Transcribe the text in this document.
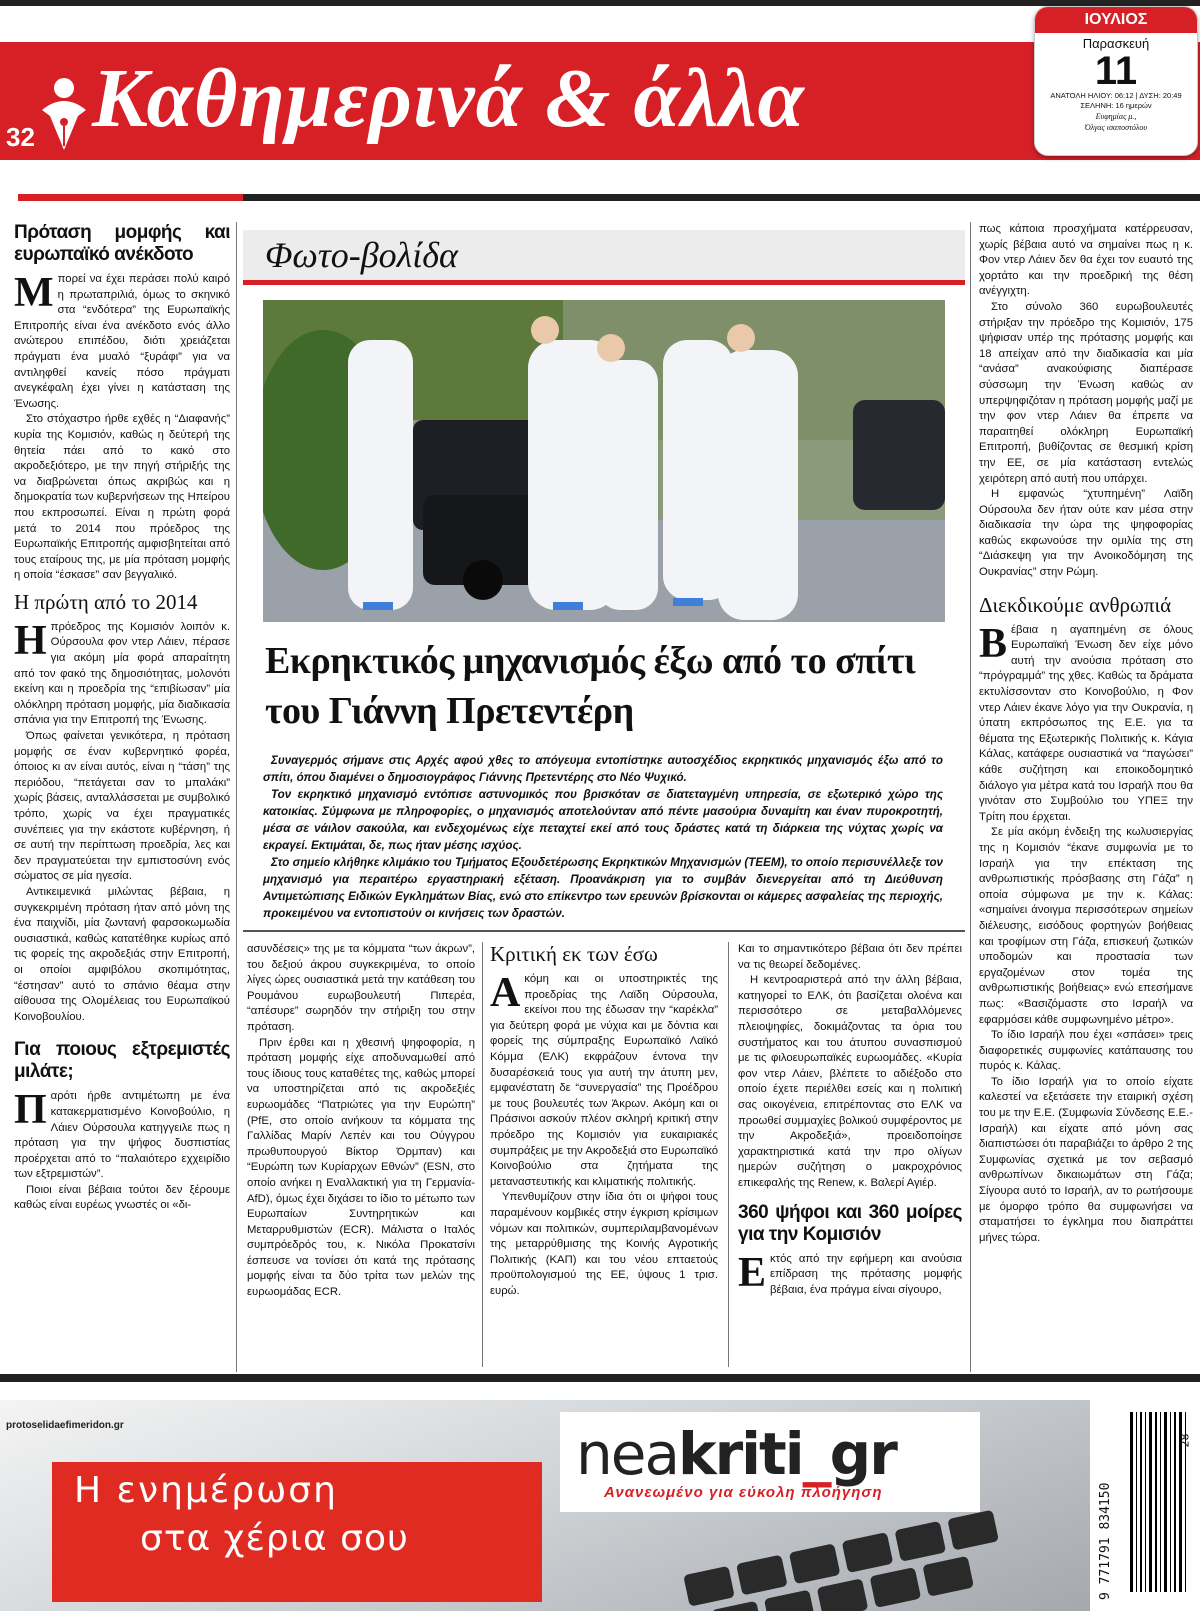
32 Καθημερινά & άλλα
ΙΟΥΛΙΟΣ
Παρασκευή
11
ΑΝΑΤΟΛΗ ΗΛΙΟΥ: 06:12 | ΔΥΣΗ: 20:49
ΣΕΛΗΝΗ: 16 ημερών
Ευφημίας μ.,
Όλγας ισαποστόλου
Πρόταση μομφής και ευρωπαϊκό ανέκδοτο

Μπορεί να έχει περάσει πολύ καιρό η πρωταπριλιά, όμως το σκηνικό στα “ενδότερα” της Ευρωπαϊκής Επιτροπής είναι ένα ανέκδοτο ενός άλλο ανώτερου επιπέδου, διότι χρειάζεται πράγματι ένα μυαλό “ξυράφι” για να αντιληφθεί κανείς πόσο πράγματι ανεγκέφαλη έχει γίνει η κατάσταση της Ένωσης.

Στο στόχαστρο ήρθε εχθές η “Διαφανής” κυρία της Κομισιόν, καθώς η δεύτερή της θητεία πάει από το κακό στο ακροδεξιότερο, με την πηγή στήριξής της να διαβρώνεται όπως ακριβώς και η δημοκρατία των κυβερνήσεων της Ηπείρου που εκπροσωπεί. Είναι η πρώτη φορά μετά το 2014 που πρόεδρος της Ευρωπαϊκής Επιτροπής αμφισβητείται από τους εταίρους της, με μία πρόταση μομφής η οποία “έσκασε” σαν βεγγαλικό.

Η πρώτη από το 2014

Ηπρόεδρος της Κομισιόν λοιπόν κ. Ούρσουλα φον ντερ Λάιεν, πέρασε για ακόμη μία φορά απαραίτητη από τον φακό της δημοσιότητας, μολονότι εκείνη και η προεδρία της “επιβίωσαν” μία ολόκληρη πρόταση μομφής, μία διαδικασία σπάνια για την Επιτροπή της Ένωσης.

Όπως φαίνεται γενικότερα, η πρόταση μομφής σε έναν κυβερνητικό φορέα, όποιος κι αν είναι αυτός, είναι η “τάση” της περιόδου, “πετάγεται σαν το μπαλάκι” χωρίς βάσεις, ανταλλάσσεται με συμβολικό τρόπο, χωρίς να έχει πραγματικές συνέπειες για την εκάστοτε κυβέρνηση, ή σε αυτή την περίπτωση προεδρία, λες και δεν πραγματεύεται την εμπιστοσύνη ενός σώματος σε μία ηγεσία.

Αντικειμενικά μιλώντας βέβαια, η συγκεκριμένη πρόταση ήταν από μόνη της ένα παιχνίδι, μία ζωντανή φαρσοκωμωδία ουσιαστικά, καθώς κατατέθηκε κυρίως από τις φορείς της ακροδεξιάς στην Επιτροπή, οι οποίοι αμφιβόλου σκοπιμότητας, “έστησαν” αυτό το σπάνιο θέαμα στην αίθουσα της Ολομέλειας του Ευρωπαϊκού Κοινοβουλίου.

Για ποιους εξτρεμιστές μιλάτε;

Παρότι ήρθε αντιμέτωπη με ένα κατακερματισμένο Κοινοβούλιο, η Λάιεν Ούρσουλα κατηγγειλε πως η πρόταση για την ψήφος δυσπιστίας προέρχεται από το “παλαιότερο εχχειρίδιο των εξτρεμιστών”.

Ποιοι είναι βέβαια τούτοι δεν ξέρουμε καθώς είναι ευρέως γνωστές οι «δι-

Φωτο-βολίδα
Εκρηκτικός μηχανισμός έξω από το σπίτι του Γιάννη Πρετεντέρη

Συναγερμός σήμανε στις Αρχές αφού χθες το απόγευμα εντοπίστηκε αυτοσχέδιος εκρηκτικός μηχανισμός έξω από το σπίτι, όπου διαμένει ο δημοσιογράφος Γιάννης Πρετεντέρης στο Νέο Ψυχικό.

Τον εκρηκτικό μηχανισμό εντόπισε αστυνομικός που βρισκόταν σε διατεταγμένη υπηρεσία, σε εξωτερικό χώρο της κατοικίας. Σύμφωνα με πληροφορίες, ο μηχανισμός αποτελούνταν από πέντε μασούρια δυναμίτη και έναν πυροκροτητή, μέσα σε νάιλον σακούλα, και ενδεχομένως είχε πεταχτεί εκεί από τους δράστες κατά τη διάρκεια της νύχτας χωρίς να εκραγεί. Εκτιμάται, δε, πως ήταν μέσης ισχύος.

Στο σημείο κλήθηκε κλιμάκιο του Τμήματος Εξουδετέρωσης Εκρηκτικών Μηχανισμών (ΤΕΕΜ), το οποίο περισυνέλλεξε τον μηχανισμό για περαιτέρω εργαστηριακή εξέταση. Προανάκριση για το συμβάν διενεργείται από τη Διεύθυνση Αντιμετώπισης Ειδικών Εγκλημάτων Βίας, ενώ στο επίκεντρο των ερευνών βρίσκονται οι κάμερες ασφαλείας της περιοχής, προκειμένου να εντοπιστούν οι κινήσεις των δραστών.

ασυνδέσεις» της με τα κόμματα “των άκρων”, του δεξιού άκρου συγκεκριμένα, το οποίο λίγες ώρες ουσιαστικά μετά την κατάθεση του Ρουμάνου ευρωβουλευτή Πιπερέα, “απέσυρε” σωρηδόν την στήριξη του στην πρόταση.

Πριν έρθει και η χθεσινή ψηφοφορία, η πρόταση μομφής είχε αποδυναμωθεί από τους ίδιους τους καταθέτες της, καθώς μπορεί να υποστηρίζεται από τις ακροδεξιές ευρωομάδες “Πατριώτες για την Ευρώπη” (PfE, στο οποίο ανήκουν τα κόμματα της Γαλλίδας Μαρίν Λεπέν και του Ούγγρου πρωθυπουργού Βίκτορ Όρμπαν) και “Ευρώπη των Κυρίαρχων Εθνών” (ESN, στο οποίο ανήκει η Εναλλακτική για τη Γερμανία-AfD), όμως έχει διχάσει το ίδιο το μέτωπο των Ευρωπαίων Συντηρητικών και Μεταρρυθμιστών (ECR). Μάλιστα ο Ιταλός συμπρόεδρός του, κ. Νικόλα Προκατσίνι έσπευσε να τονίσει ότι κατά της πρότασης μομφής είναι τα δύο τρίτα των μελών της ευρωομάδας ECR.

Κριτική εκ των έσω

Ακόμη και οι υποστηρικτές της προεδρίας της Λαϊδη Ούρσουλα, εκείνοι που της έδωσαν την “καρέκλα” για δεύτερη φορά με νύχια και με δόντια και φορείς της σύμπραξης Ευρωπαϊκό Λαϊκό Κόμμα (ΕΛΚ) εκφράζουν έντονα την δυσαρέσκειά τους για αυτή την άτυπη μεν, εμφανέστατη δε “συνεργασία” της Προέδρου με τους βουλευτές των Άκρων. Ακόμη και οι Πράσινοι ασκούν πλέον σκληρή κριτική στην πρόεδρο της Κομισιόν για ευκαιριακές συμπράξεις με την Ακροδεξιά στο Ευρωπαϊκό Κοινοβούλιο στα ζητήματα της μεταναστευτικής και κλιματικής πολιτικής.

Υπενθυμίζουν στην ίδια ότι οι ψήφοι τους παραμένουν κομβικές στην έγκριση κρίσιμων νόμων και πολιτικών, συμπεριλαμβανομένων της μεταρρύθμισης της Κοινής Αγροτικής Πολιτικής (ΚΑΠ) και του νέου επταετούς προϋπολογισμού της ΕΕ, ύψους 1 τρισ. ευρώ.

Και το σημαντικότερο βέβαια ότι δεν πρέπει να τις θεωρεί δεδομένες.

Η κεντροαριστερά από την άλλη βέβαια, κατηγορεί το ΕΛΚ, ότι βασίζεται ολοένα και περισσότερο σε μεταβαλλόμενες πλειοψηφίες, δοκιμάζοντας τα όρια του συστήματος και του άτυπου συνασπισμού με τις φιλοευρωπαϊκές ευρωομάδες. «Κυρία φον ντερ Λάιεν, βλέπετε το αδιέξοδο στο οποίο έχετε περιέλθει εσείς και η πολιτική σας οικογένεια, επιτρέποντας στο ΕΛΚ να προωθεί συμμαχίες βολικού συμφέροντος με την Ακροδεξιά», προειδοποίησε χαρακτηριστικά κατά την προ ολίγων ημερών συζήτηση ο μακροχρόνιος επικεφαλής της Renew, κ. Βαλερί Αγιέρ.

360 ψήφοι και 360 μοίρες για την Κομισιόν

Εκτός από την εφήμερη και ανούσια επίδραση της πρότασης μομφής βέβαια, ένα πράγμα είναι σίγουρο,

πως κάποια προσχήματα κατέρρευσαν, χωρίς βέβαια αυτό να σημαίνει πως η κ. Φον ντερ Λάιεν δεν θα έχει τον ευαυτό της χορτάτο και την προεδρική της θέση ανέγγιχτη.

Στο σύνολο 360 ευρωβουλευτές στήριξαν την πρόεδρο της Κομισιόν, 175 ψήφισαν υπέρ της πρότασης μομφής και 18 απείχαν από την διαδικασία και μία “ανάσα” ανακούφισης διαπέρασε σύσσωμη την Ένωση καθώς αν υπερψηφιζόταν η πρόταση μομφής μαζί με την φον ντερ Λάιεν θα έπρεπε να παραιτηθεί ολόκληρη Ευρωπαϊκή Επιτροπή, βυθίζοντας σε θεσμική κρίση την ΕΕ, σε μία κατάσταση εντελώς χειρότερη από αυτή που υπάρχει.

Η εμφανώς “χτυπημένη” Λαϊδη Ούρσουλα δεν ήταν ούτε καν μέσα στην διαδικασία την ώρα της ψηφοφορίας καθώς εκφωνούσε την ομιλία της στη “Διάσκεψη για την Ανοικοδόμηση της Ουκρανίας” στην Ρώμη.

Διεκδικούμε ανθρωπιά

Βέβαια η αγαπημένη σε όλους Ευρωπαϊκή Ένωση δεν είχε μόνο αυτή την ανούσια πρόταση στο “πρόγραμμά” της χθες. Καθώς τα δράματα εκτυλίσσονταν στο Κοινοβούλιο, η Φον ντερ Λάιεν έκανε λόγο για την Ουκρανία, η ύπατη εκπρόσωπος της Ε.Ε. για τα θέματα της Εξωτερικής Πολιτικής κ. Κάγια Κάλας, κατάφερε ουσιαστικά να “παγώσει” κάθε συζήτηση και εποικοδομητικό διάλογο για μέτρα κατά του Ισραήλ που θα γινόταν στο Συμβούλιο του ΥΠΕΞ την Τρίτη που έρχεται.

Σε μία ακόμη ένδειξη της κωλυσιεργίας της η Κομισιόν “έκανε συμφωνία με το Ισραήλ για την επέκταση της ανθρωπιστικής πρόσβασης στη Γάζα” η οποία σύμφωνα με την κ. Κάλας: «σημαίνει άνοιγμα περισσότερων σημείων διέλευσης, εισόδους φορτηγών βοήθειας και τροφίμων στη Γάζα, επισκευή ζωτικών υποδομών και προστασία των εργαζομένων στον τομέα της ανθρωπιστικής βοήθειας» ενώ επεσήμανε πως: «Βασιζόμαστε στο Ισραήλ να εφαρμόσει κάθε συμφωνημένο μέτρο».

Το ίδιο Ισραήλ που έχει «σπάσει» τρεις διαφορετικές συμφωνίες κατάπαυσης του πυρός κ. Κάλας.

Το ίδιο Ισραήλ για το οποίο είχατε καλεστεί να εξετάσετε την εταιρική σχέση του με την Ε.Ε. (Συμφωνία Σύνδεσης Ε.Ε.- Ισραήλ) και είχατε από μόνη σας διαπιστώσει ότι παραβιάζει το άρθρο 2 της Συμφωνίας σχετικά με τον σεβασμό ανθρωπίνων δικαιωμάτων στη Γάζα; Σίγουρα αυτό το Ισραήλ, αν το ρωτήσουμε με όμορφο τρόπο θα συμφωνήσει να σταματήσει το έγκλημα που διαπράττει μήνες τώρα.

protoselidaefimeridon.gr
Η ενημέρωση
στα χέρια σου
neakriti_gr
Ανανεωμένο για εύκολη πλοήγηση	9 771791 834150
28
